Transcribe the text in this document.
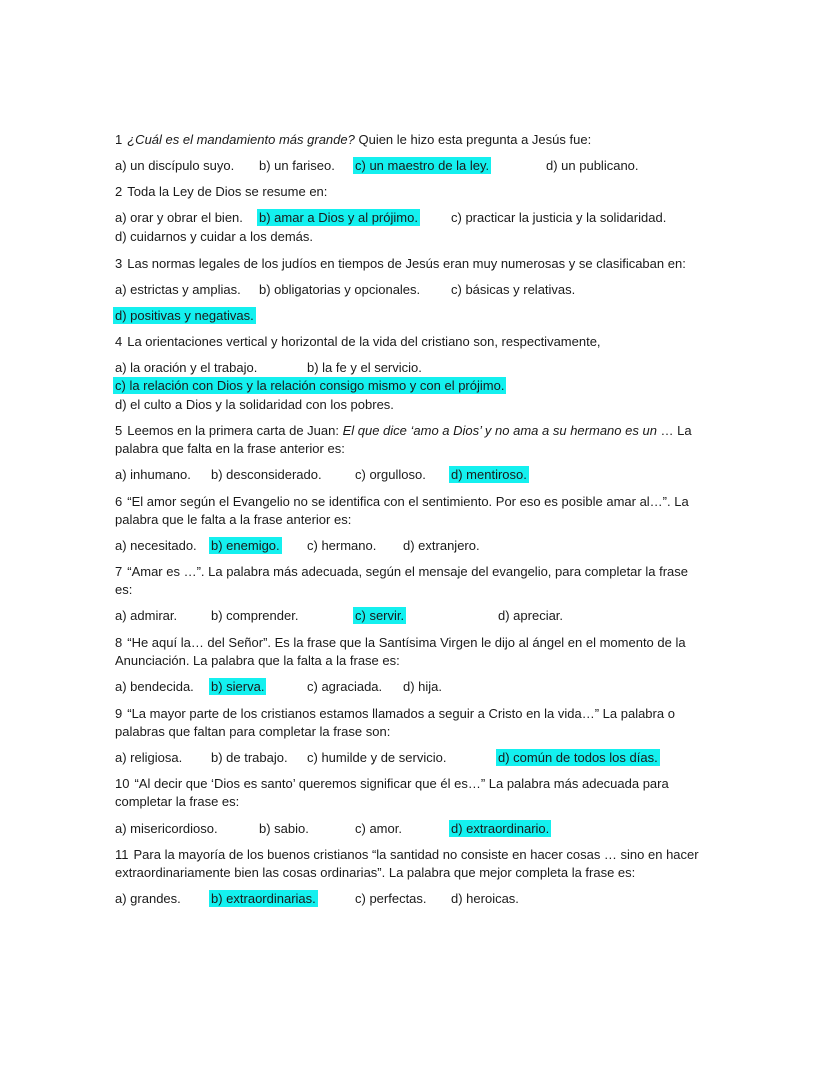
1 ¿Cuál es el mandamiento más grande? Quien le hizo esta pregunta a Jesús fue:
a) un discípulo suyo. b) un fariseo. c) un maestro de la ley.	d) un publicano.
2 Toda la Ley de Dios se resume en:
a) orar y obrar el bien. b) amar a Dios y al prójimo.	c) practicar la justicia y la solidaridad.
d) cuidarnos y cuidar a los demás.
3 Las normas legales de los judíos en tiempos de Jesús eran muy numerosas y se clasificaban en:
a) estrictas y amplias. b) obligatorias y opcionales. c) básicas y relativas.
d) positivas y negativas.
4 La orientaciones vertical y horizontal de la vida del cristiano son, respectivamente,
a) la oración y el trabajo.	b) la fe y el servicio.
c) la relación con Dios y la relación consigo mismo y con el prójimo.
d) el culto a Dios y la solidaridad con los pobres.
5 Leemos en la primera carta de Juan: El que dice ‘amo a Dios’ y no ama a su hermano es un … La
palabra que falta en la frase anterior es:
a) inhumano. b) desconsiderado.	c) orgulloso. d) mentiroso.
6 “El amor según el Evangelio no se identifica con el sentimiento. Por eso es posible amar al…”. La
palabra que le falta a la frase anterior es:
a) necesitado. b) enemigo. c) hermano. d) extranjero.
7 “Amar es …”. La palabra más adecuada, según el mensaje del evangelio, para completar la frase
es:
a) admirar.	b) comprender.	c) servir.	d) apreciar.
8 “He aquí la… del Señor”. Es la frase que la Santísima Virgen le dijo al ángel en el momento de la
Anunciación. La palabra que la falta a la frase es:
a) bendecida. b) sierva.	c) agraciada. d) hija.
9 “La mayor parte de los cristianos estamos llamados a seguir a Cristo en la vida…” La palabra o
palabras que faltan para completar la frase son:
a) religiosa. b) de trabajo. c) humilde y de servicio.	d) común de todos los días.
10 “Al decir que ‘Dios es santo’ queremos significar que él es…” La palabra más adecuada para
completar la frase es:
a) misericordioso.	b) sabio.	c) amor.	d) extraordinario.
11 Para la mayoría de los buenos cristianos “la santidad no consiste en hacer cosas … sino en hacer
extraordinariamente bien las cosas ordinarias”. La palabra que mejor completa la frase es:
a) grandes. b) extraordinarias.	c) perfectas. d) heroicas.
